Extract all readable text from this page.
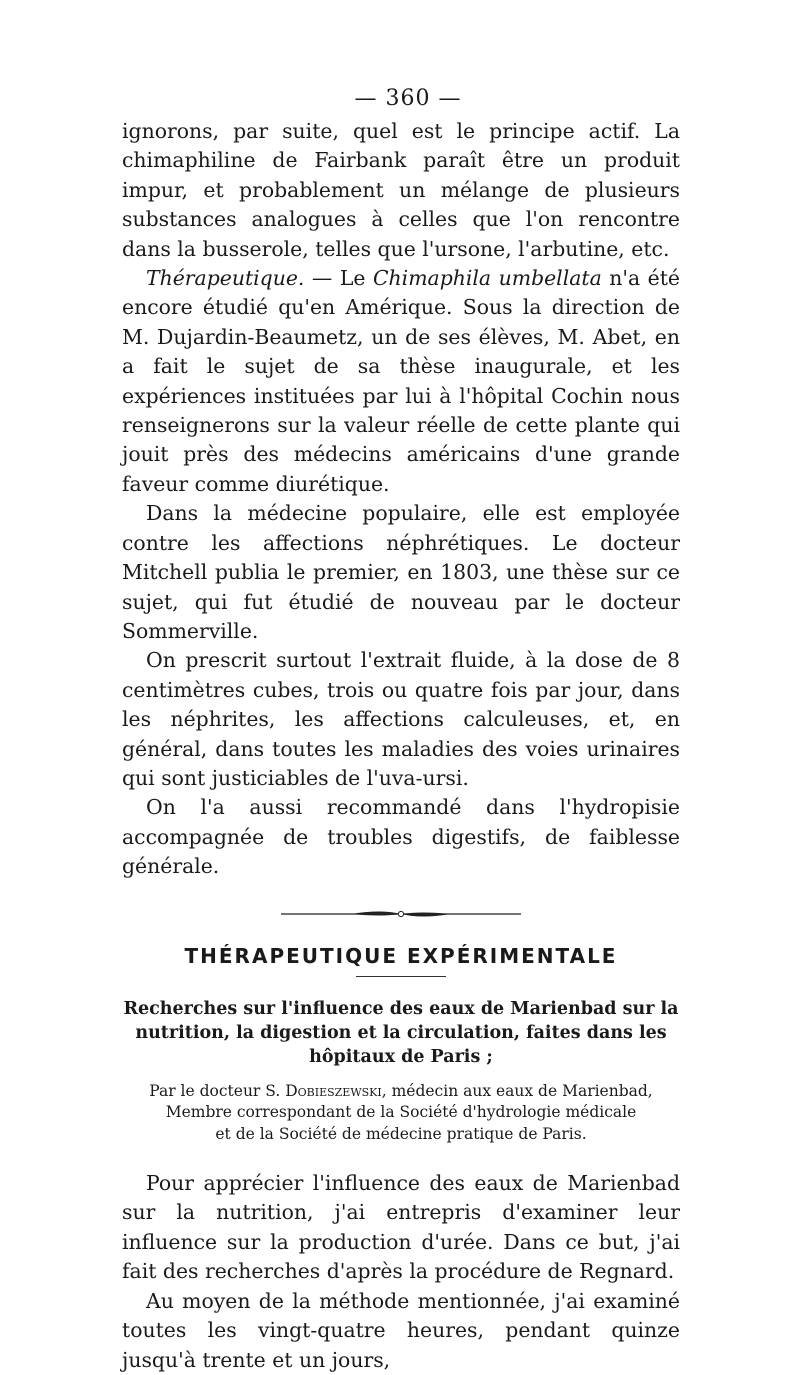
— 360 —

ignorons, par suite, quel est le principe actif. La chimaphiline de Fairbank paraît être un produit impur, et probablement un mélange de plusieurs substances analogues à celles que l'on rencontre dans la busserole, telles que l'ursone, l'arbutine, etc.

Thérapeutique. — Le Chimaphila umbellata n'a été encore étudié qu'en Amérique. Sous la direction de M. Dujardin-Beaumetz, un de ses élèves, M. Abet, en a fait le sujet de sa thèse inaugurale, et les expériences instituées par lui à l'hôpital Cochin nous renseignerons sur la valeur réelle de cette plante qui jouit près des médecins américains d'une grande faveur comme diurétique.

Dans la médecine populaire, elle est employée contre les affections néphrétiques. Le docteur Mitchell publia le premier, en 1803, une thèse sur ce sujet, qui fut étudié de nouveau par le docteur Sommerville.

On prescrit surtout l'extrait fluide, à la dose de 8 centimètres cubes, trois ou quatre fois par jour, dans les néphrites, les affections calculeuses, et, en général, dans toutes les maladies des voies urinaires qui sont justiciables de l'uva-ursi.

On l'a aussi recommandé dans l'hydropisie accompagnée de troubles digestifs, de faiblesse générale.

THÉRAPEUTIQUE EXPÉRIMENTALE
Recherches sur l'influence des eaux de Marienbad sur la nutrition, la digestion et la circulation, faites dans les hôpitaux de Paris ;
Par le docteur S. Dobieszewski, médecin aux eaux de Marienbad,
Membre correspondant de la Société d'hydrologie médicale
et de la Société de médecine pratique de Paris.

Pour apprécier l'influence des eaux de Marienbad sur la nutrition, j'ai entrepris d'examiner leur influence sur la production d'urée. Dans ce but, j'ai fait des recherches d'après la procédure de Regnard.

Au moyen de la méthode mentionnée, j'ai examiné toutes les vingt-quatre heures, pendant quinze jusqu'à trente et un jours,
